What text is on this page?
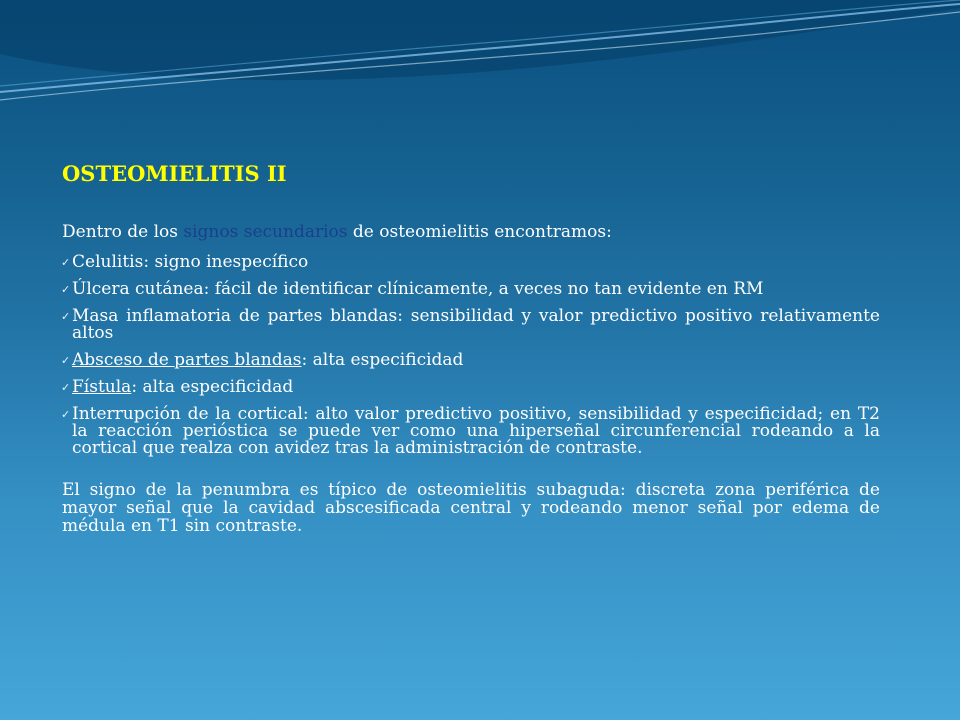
OSTEOMIELITIS II

Dentro de los signos secundarios de osteomielitis encontramos:

✓ Celulitis: signo inespecífico
✓ Úlcera cutánea: fácil de identificar clínicamente, a veces no tan evidente en RM
✓ Masa inflamatoria de partes blandas: sensibilidad y valor predictivo positivo relativamente altos
✓ Absceso de partes blandas: alta especificidad
✓ Fístula: alta especificidad
✓ Interrupción de la cortical: alto valor predictivo positivo, sensibilidad y especificidad; en T2 la reacción perióstica se puede ver como una hiperseñal circunferencial rodeando a la cortical que realza con avidez tras la administración de contraste.

El signo de la penumbra es típico de osteomielitis subaguda: discreta zona periférica de mayor señal que la cavidad abscesificada central y rodeando menor señal por edema de médula en T1 sin contraste.
